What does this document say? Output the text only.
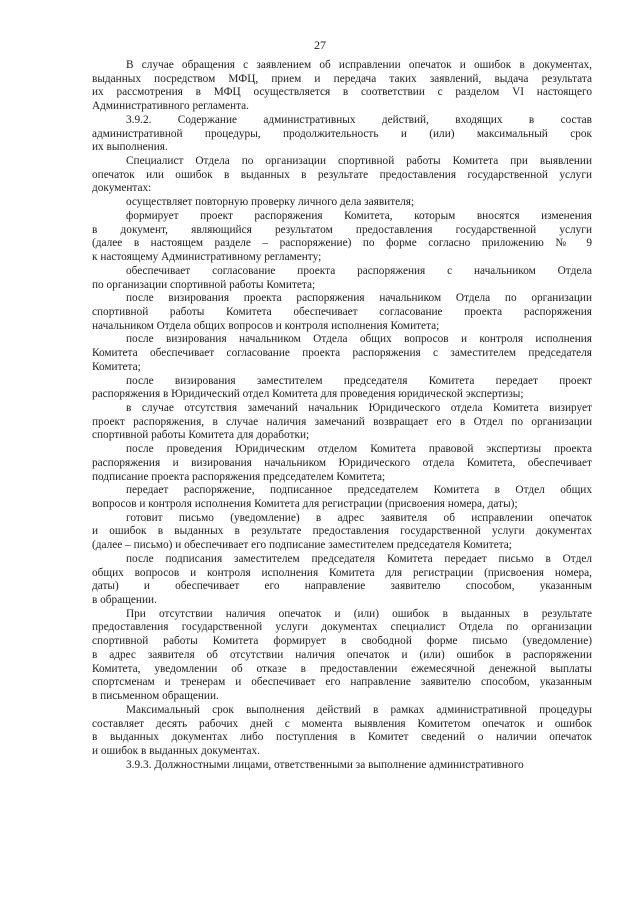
27
В случае обращения с заявлением об исправлении опечаток и ошибок в документах,
выданных посредством МФЦ, прием и передача таких заявлений, выдача результата
их рассмотрения в МФЦ осуществляется в соответствии с разделом VI настоящего
Административного регламента.
3.9.2. Содержание административных действий, входящих в состав
административной процедуры, продолжительность и (или) максимальный срок
их выполнения.
Специалист Отдела по организации спортивной работы Комитета при выявлении
опечаток или ошибок в выданных в результате предоставления государственной услуги
документах:
осуществляет повторную проверку личного дела заявителя;
формирует проект распоряжения Комитета, которым вносятся изменения
в документ, являющийся результатом предоставления государственной услуги
(далее в настоящем разделе – распоряжение) по форме согласно приложению № 9
к настоящему Административному регламенту;
обеспечивает согласование проекта распоряжения с начальником Отдела
по организации спортивной работы Комитета;
после визирования проекта распоряжения начальником Отдела по организации
спортивной работы Комитета обеспечивает согласование проекта распоряжения
начальником Отдела общих вопросов и контроля исполнения Комитета;
после визирования начальником Отдела общих вопросов и контроля исполнения
Комитета обеспечивает согласование проекта распоряжения с заместителем председателя
Комитета;
после визирования заместителем председателя Комитета передает проект
распоряжения в Юридический отдел Комитета для проведения юридической экспертизы;
в случае отсутствия замечаний начальник Юридического отдела Комитета визирует
проект распоряжения, в случае наличия замечаний возвращает его в Отдел по организации
спортивной работы Комитета для доработки;
после проведения Юридическим отделом Комитета правовой экспертизы проекта
распоряжения и визирования начальником Юридического отдела Комитета, обеспечивает
подписание проекта распоряжения председателем Комитета;
передает распоряжение, подписанное председателем Комитета в Отдел общих
вопросов и контроля исполнения Комитета для регистрации (присвоения номера, даты);
готовит письмо (уведомление) в адрес заявителя об исправлении опечаток
и ошибок в выданных в результате предоставления государственной услуги документах
(далее – письмо) и обеспечивает его подписание заместителем председателя Комитета;
после подписания заместителем председателя Комитета передает письмо в Отдел
общих вопросов и контроля исполнения Комитета для регистрации (присвоения номера,
даты) и обеспечивает его направление заявителю способом, указанным
в обращении.
При отсутствии наличия опечаток и (или) ошибок в выданных в результате
предоставления государственной услуги документах специалист Отдела по организации
спортивной работы Комитета формирует в свободной форме письмо (уведомление)
в адрес заявителя об отсутствии наличия опечаток и (или) ошибок в распоряжении
Комитета, уведомлении об отказе в предоставлении ежемесячной денежной выплаты
спортсменам и тренерам и обеспечивает его направление заявителю способом, указанным
в письменном обращении.
Максимальный срок выполнения действий в рамках административной процедуры
составляет десять рабочих дней с момента выявления Комитетом опечаток и ошибок
в выданных документах либо поступления в Комитет сведений о наличии опечаток
и ошибок в выданных документах.
3.9.3. Должностными лицами, ответственными за выполнение административного
